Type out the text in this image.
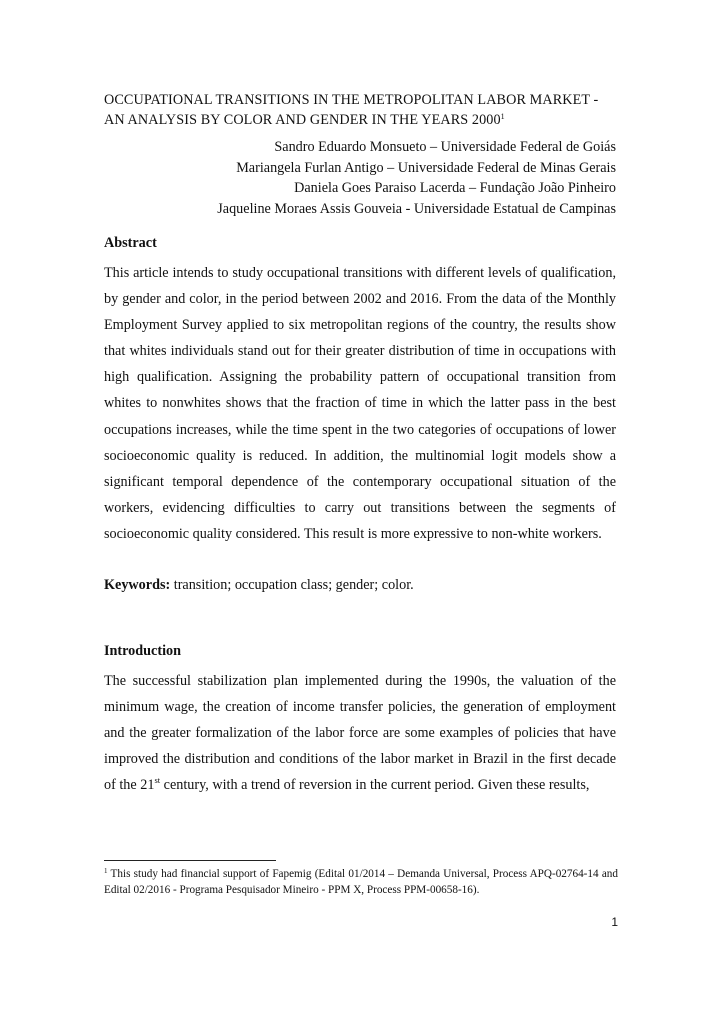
OCCUPATIONAL TRANSITIONS IN THE METROPOLITAN LABOR MARKET -
AN ANALYSIS BY COLOR AND GENDER IN THE YEARS 2000$^1$
Sandro Eduardo Monsueto – Universidade Federal de Goiás
Mariangela Furlan Antigo – Universidade Federal de Minas Gerais
Daniela Goes Paraiso Lacerda – Fundação João Pinheiro
Jaqueline Moraes Assis Gouveia - Universidade Estatual de Campinas
Abstract

This article intends to study occupational transitions with different levels of qualification, by gender and color, in the period between 2002 and 2016. From the data of the Monthly Employment Survey applied to six metropolitan regions of the country, the results show that whites individuals stand out for their greater distribution of time in occupations with high qualification. Assigning the probability pattern of occupational transition from whites to nonwhites shows that the fraction of time in which the latter pass in the best occupations increases, while the time spent in the two categories of occupations of lower socioeconomic quality is reduced. In addition, the multinomial logit models show a significant temporal dependence of the contemporary occupational situation of the workers, evidencing difficulties to carry out transitions between the segments of socioeconomic quality considered. This result is more expressive to non-white workers.

Keywords: transition; occupation class; gender; color.
Introduction

The successful stabilization plan implemented during the 1990s, the valuation of the minimum wage, the creation of income transfer policies, the generation of employment and the greater formalization of the labor force are some examples of policies that have improved the distribution and conditions of the labor market in Brazil in the first decade of the 21st century, with a trend of reversion in the current period. Given these results,

$^1$ This study had financial support of Fapemig (Edital 01/2014 – Demanda Universal, Process APQ-02764-14 and Edital 02/2016 - Programa Pesquisador Mineiro - PPM X, Process PPM-00658-16).
1
